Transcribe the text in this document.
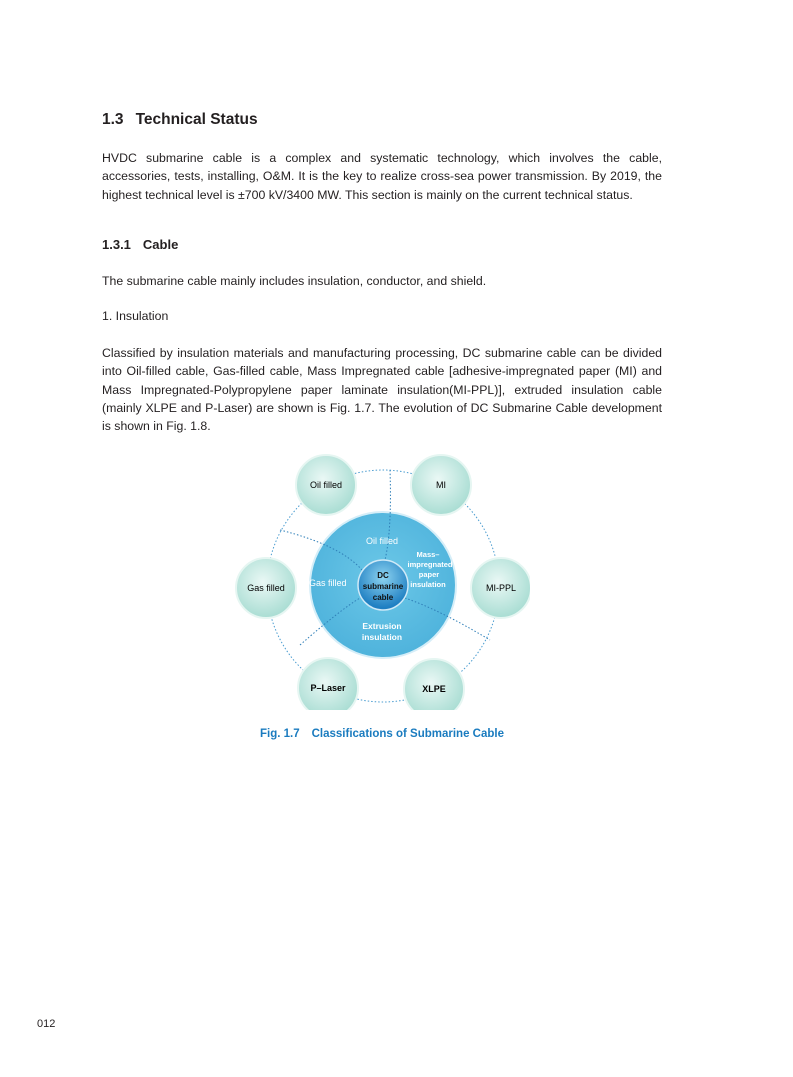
1.3 Technical Status

HVDC submarine cable is a complex and systematic technology, which involves the cable, accessories, tests, installing, O&M. It is the key to realize cross-sea power transmission. By 2019, the highest technical level is ±700 kV/3400 MW. This section is mainly on the current technical status.

1.3.1 Cable

The submarine cable mainly includes insulation, conductor, and shield.

1. Insulation

Classified by insulation materials and manufacturing processing, DC submarine cable can be divided into Oil-filled cable, Gas-filled cable, Mass Impregnated cable [adhesive-impregnated paper (MI) and Mass Impregnated-Polypropylene paper laminate insulation(MI-PPL)], extruded insulation cable (mainly XLPE and P-Laser) are shown is Fig. 1.7. The evolution of DC Submarine Cable development is shown in Fig. 1.8.

Oil filled
Gas filled
Mass–
impregnated
paper
insulation
Extrusion
insulation
DC
submarine
cable
Oil filled	MI
MI-PPL
XLPE
P–Laser
Gas filled
Fig. 1.7 Classifications of Submarine Cable
012
